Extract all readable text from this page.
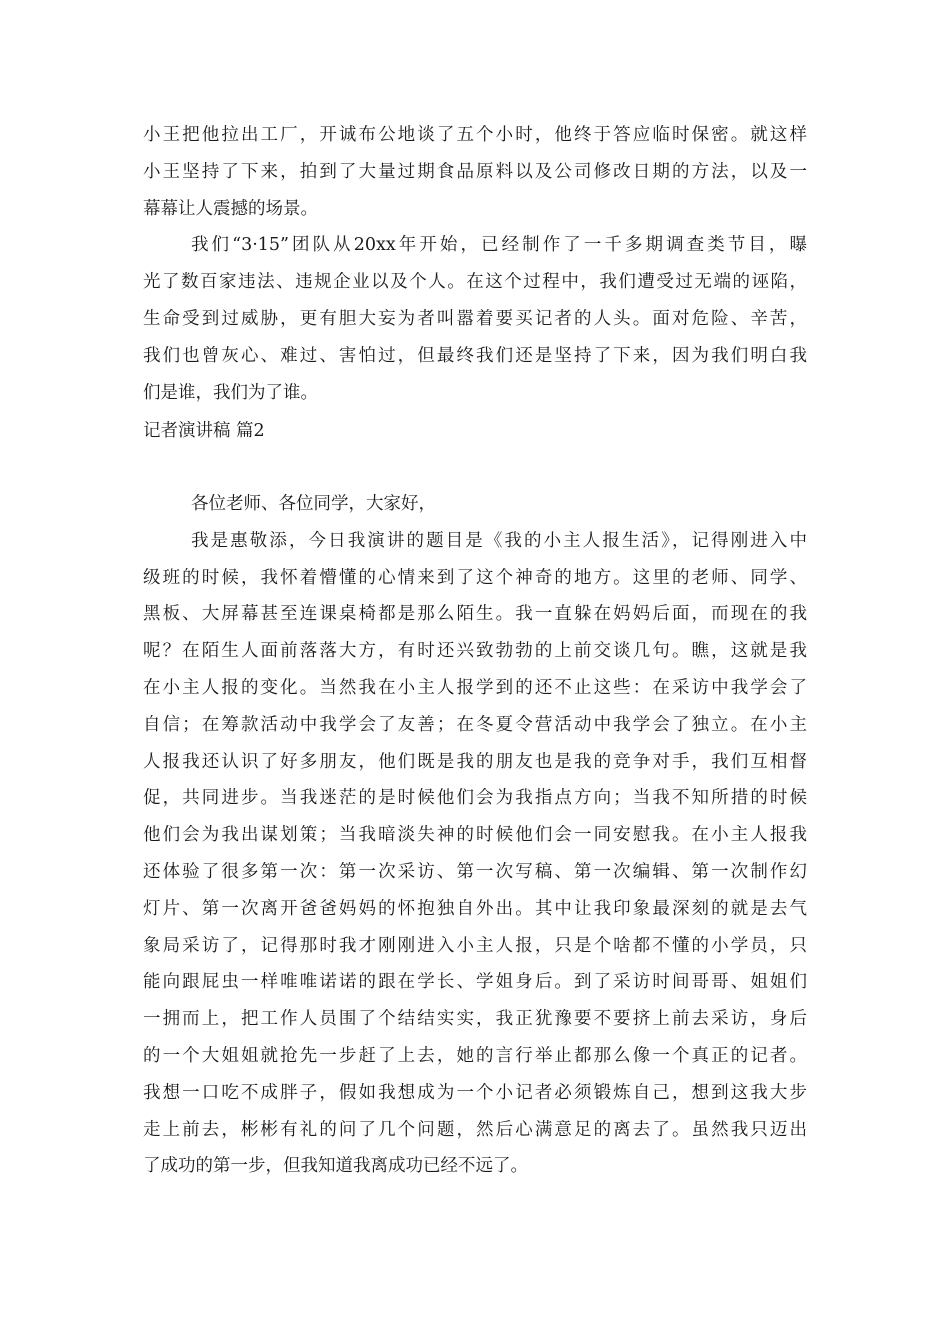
小王把他拉出工厂，开诚布公地谈了五个小时，他终于答应临时保密。就这样
小王坚持了下来，拍到了大量过期食品原料以及公司修改日期的方法，以及一
幕幕让人震撼的场景。
我们“3·15”团队从20xx年开始，已经制作了一千多期调查类节目，曝
光了数百家违法、违规企业以及个人。在这个过程中，我们遭受过无端的诬陷，
生命受到过威胁，更有胆大妄为者叫嚣着要买记者的人头。面对危险、辛苦，
我们也曾灰心、难过、害怕过，但最终我们还是坚持了下来，因为我们明白我
们是谁，我们为了谁。
记者演讲稿 篇2
各位老师、各位同学，大家好，
我是惠敬添，今日我演讲的题目是《我的小主人报生活》，记得刚进入中
级班的时候，我怀着懵懂的心情来到了这个神奇的地方。这里的老师、同学、
黑板、大屏幕甚至连课桌椅都是那么陌生。我一直躲在妈妈后面，而现在的我
呢？在陌生人面前落落大方，有时还兴致勃勃的上前交谈几句。瞧，这就是我
在小主人报的变化。当然我在小主人报学到的还不止这些：在采访中我学会了
自信；在筹款活动中我学会了友善；在冬夏令营活动中我学会了独立。在小主
人报我还认识了好多朋友，他们既是我的朋友也是我的竞争对手，我们互相督
促，共同进步。当我迷茫的是时候他们会为我指点方向；当我不知所措的时候
他们会为我出谋划策；当我暗淡失神的时候他们会一同安慰我。在小主人报我
还体验了很多第一次：第一次采访、第一次写稿、第一次编辑、第一次制作幻
灯片、第一次离开爸爸妈妈的怀抱独自外出。其中让我印象最深刻的就是去气
象局采访了，记得那时我才刚刚进入小主人报，只是个啥都不懂的小学员，只
能向跟屁虫一样唯唯诺诺的跟在学长、学姐身后。到了采访时间哥哥、姐姐们
一拥而上，把工作人员围了个结结实实，我正犹豫要不要挤上前去采访，身后
的一个大姐姐就抢先一步赶了上去，她的言行举止都那么像一个真正的记者。
我想一口吃不成胖子，假如我想成为一个小记者必须锻炼自己，想到这我大步
走上前去，彬彬有礼的问了几个问题，然后心满意足的离去了。虽然我只迈出
了成功的第一步，但我知道我离成功已经不远了。
